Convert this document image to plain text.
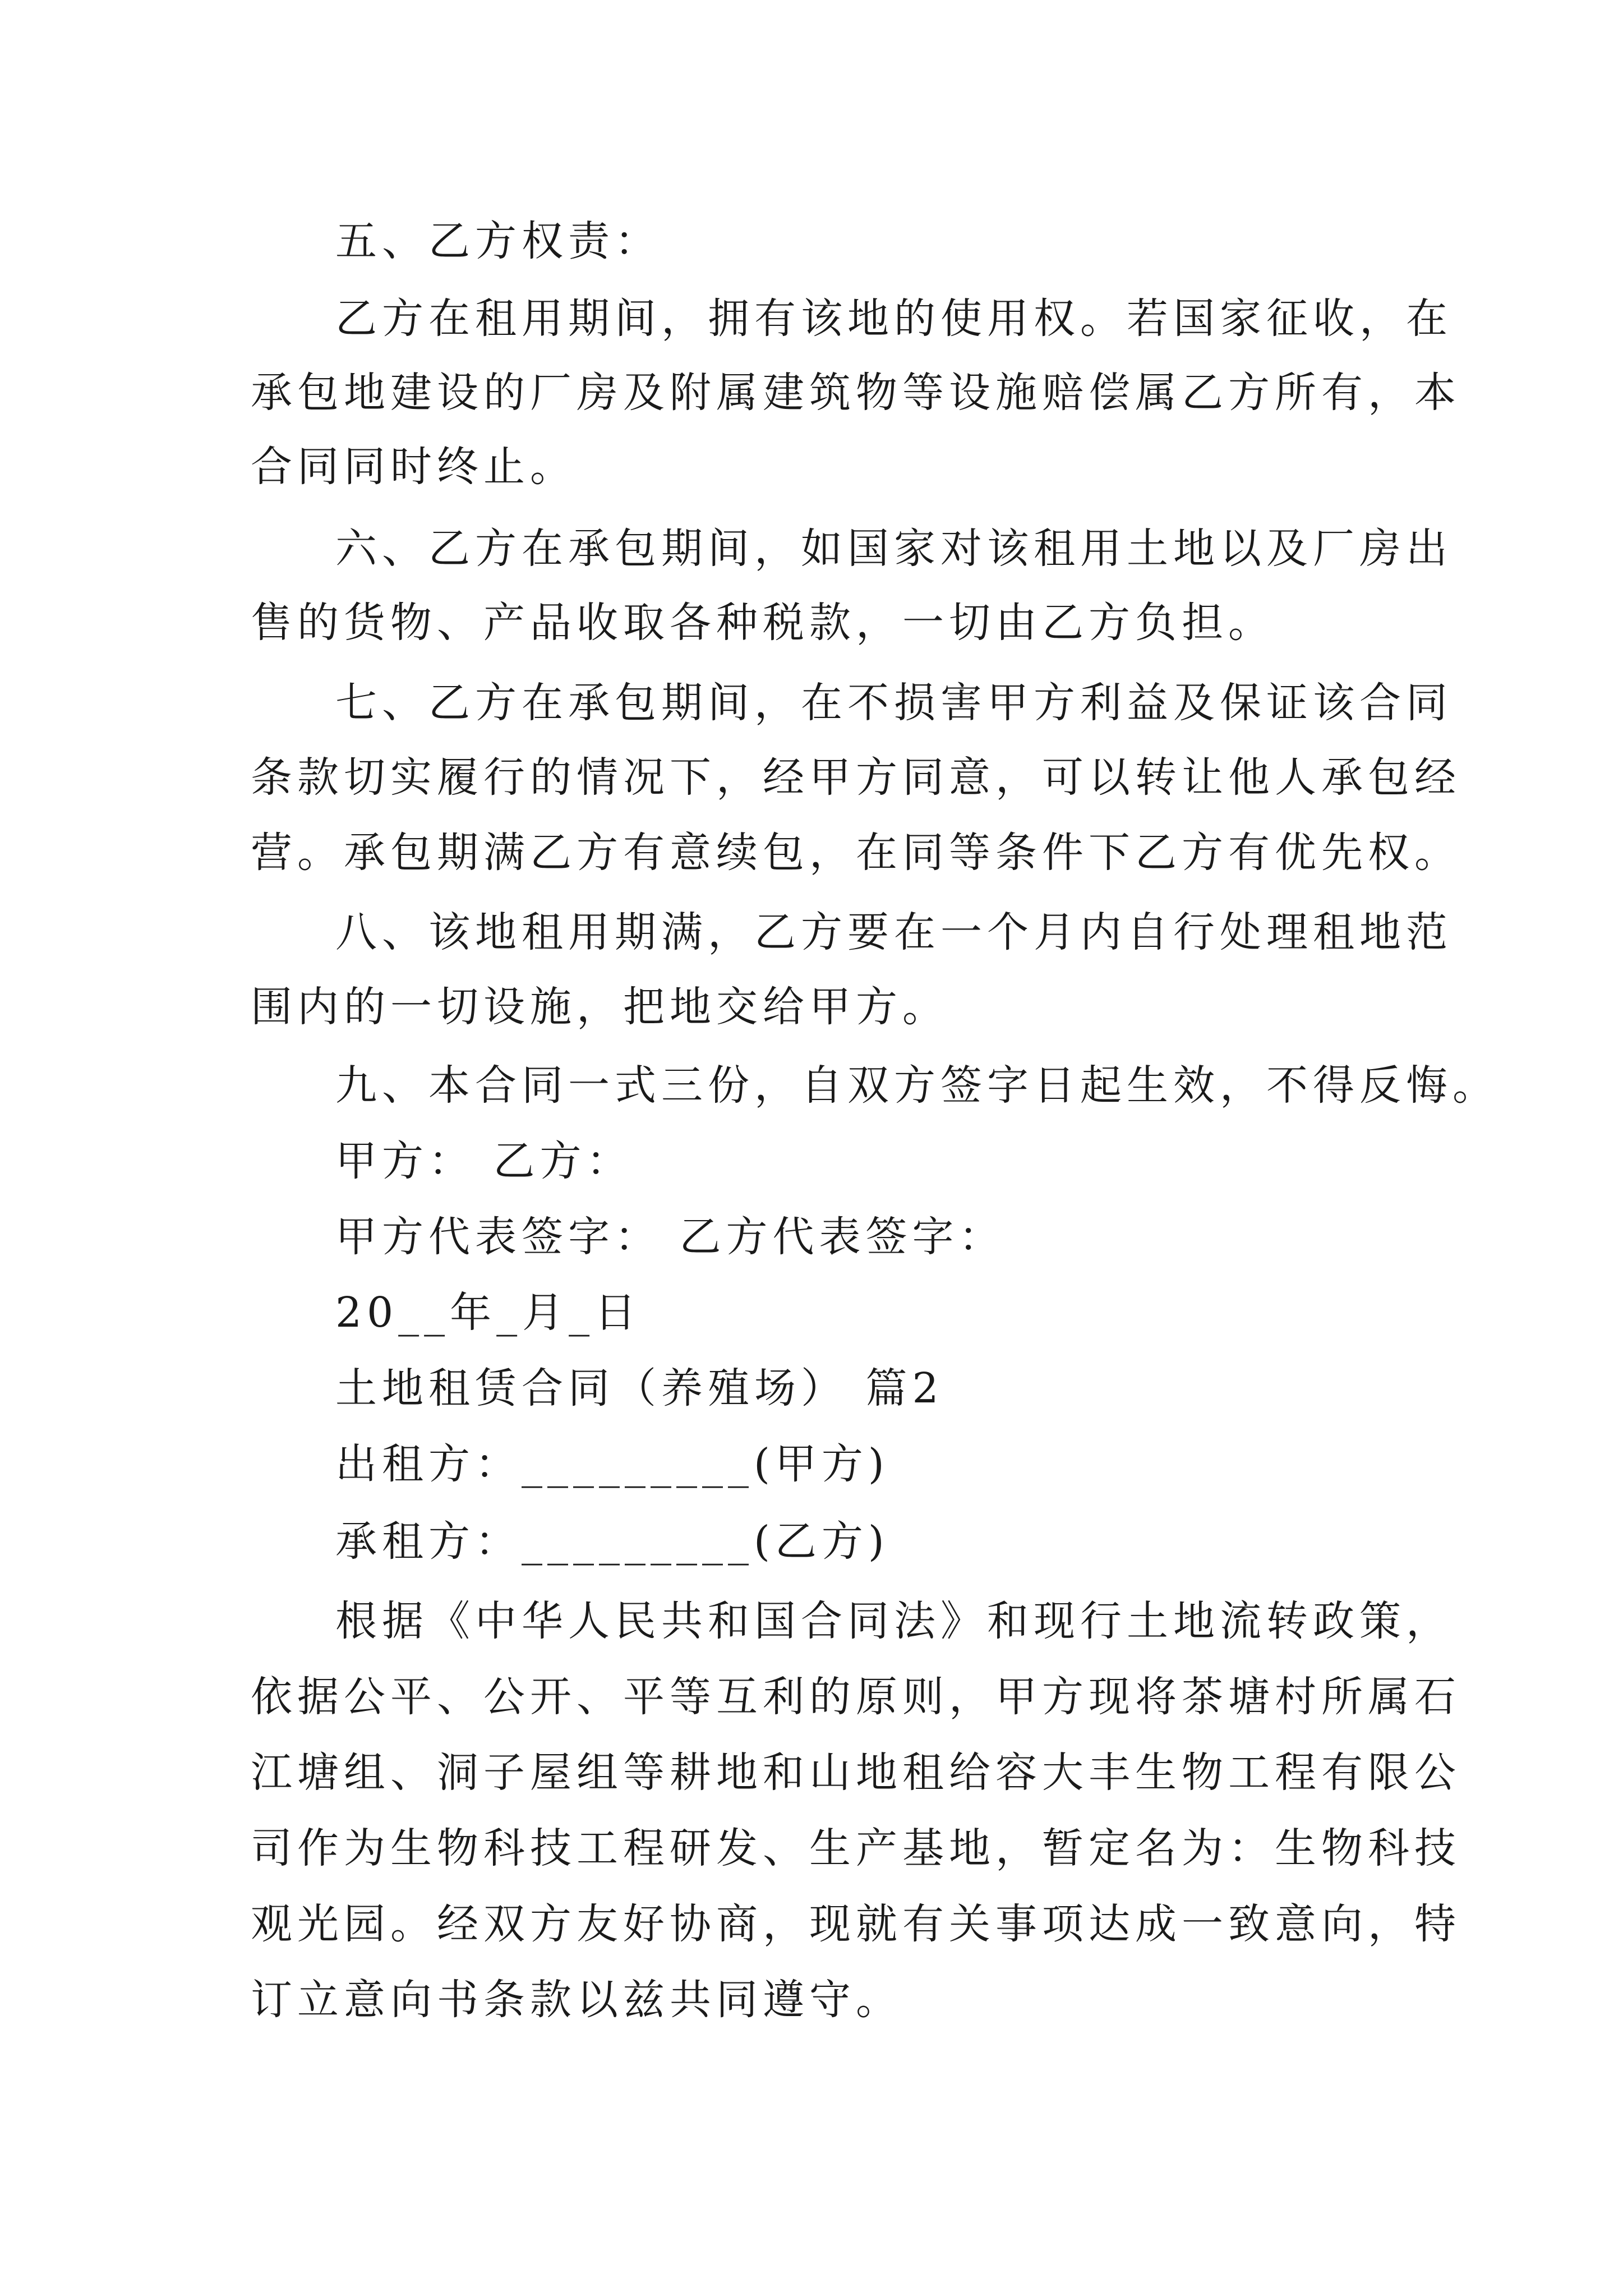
五、乙方权责：
乙方在租用期间，拥有该地的使用权。若国家征收，在
承包地建设的厂房及附属建筑物等设施赔偿属乙方所有，本
合同同时终止。
六、乙方在承包期间，如国家对该租用土地以及厂房出
售的货物、产品收取各种税款，一切由乙方负担。
七、乙方在承包期间，在不损害甲方利益及保证该合同
条款切实履行的情况下，经甲方同意，可以转让他人承包经
营。承包期满乙方有意续包，在同等条件下乙方有优先权。
八、该地租用期满，乙方要在一个月内自行处理租地范
围内的一切设施，把地交给甲方。
九、本合同一式三份，自双方签字日起生效，不得反悔。
甲方： 乙方：
甲方代表签字： 乙方代表签字：
20__年_月_日
土地租赁合同（养殖场） 篇2
出租方：_________(甲方)
承租方：_________(乙方)
根据《中华人民共和国合同法》和现行土地流转政策，
依据公平、公开、平等互利的原则，甲方现将茶塘村所属石
江塘组、洞子屋组等耕地和山地租给容大丰生物工程有限公
司作为生物科技工程研发、生产基地，暂定名为：生物科技
观光园。经双方友好协商，现就有关事项达成一致意向，特
订立意向书条款以兹共同遵守。
